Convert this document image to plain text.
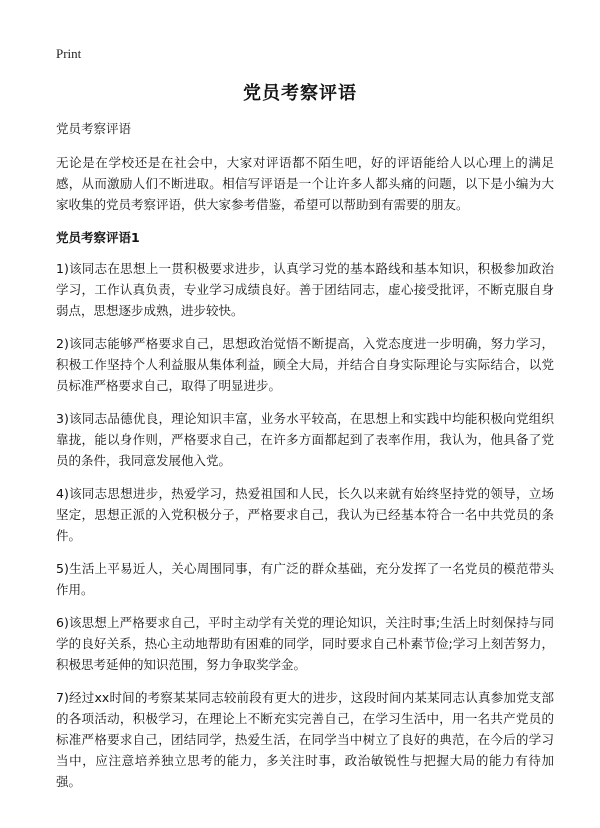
Print
党员考察评语

党员考察评语

无论是在学校还是在社会中，大家对评语都不陌生吧，好的评语能给人以心理上的满足感，从而激励人们不断进取。相信写评语是一个让许多人都头痛的问题，以下是小编为大家收集的党员考察评语，供大家参考借鉴，希望可以帮助到有需要的朋友。

党员考察评语1

1)该同志在思想上一贯积极要求进步，认真学习党的基本路线和基本知识，积极参加政治学习，工作认真负责，专业学习成绩良好。善于团结同志，虚心接受批评，不断克服自身弱点，思想逐步成熟，进步较快。

2)该同志能够严格要求自己，思想政治觉悟不断提高，入党态度进一步明确，努力学习，积极工作坚持个人利益服从集体利益，顾全大局，并结合自身实际理论与实际结合，以党员标准严格要求自己，取得了明显进步。

3)该同志品德优良，理论知识丰富，业务水平较高，在思想上和实践中均能积极向党组织靠拢，能以身作则，严格要求自己，在许多方面都起到了表率作用，我认为，他具备了党员的条件，我同意发展他入党。

4)该同志思想进步，热爱学习，热爱祖国和人民，长久以来就有始终坚持党的领导，立场坚定，思想正派的入党积极分子，严格要求自己，我认为已经基本符合一名中共党员的条件。

5)生活上平易近人，关心周围同事，有广泛的群众基础，充分发挥了一名党员的模范带头作用。

6)该思想上严格要求自己，平时主动学有关党的理论知识，关注时事;生活上时刻保持与同学的良好关系，热心主动地帮助有困难的同学，同时要求自己朴素节俭;学习上刻苦努力，积极思考延伸的知识范围，努力争取奖学金。

7)经过xx时间的考察某某同志较前段有更大的进步，这段时间内某某同志认真参加党支部的各项活动，积极学习，在理论上不断充实完善自己，在学习生活中，用一名共产党员的标准严格要求自己，团结同学，热爱生活，在同学当中树立了良好的典范，在今后的学习当中，应注意培养独立思考的能力，多关注时事，政治敏锐性与把握大局的能力有待加强。
